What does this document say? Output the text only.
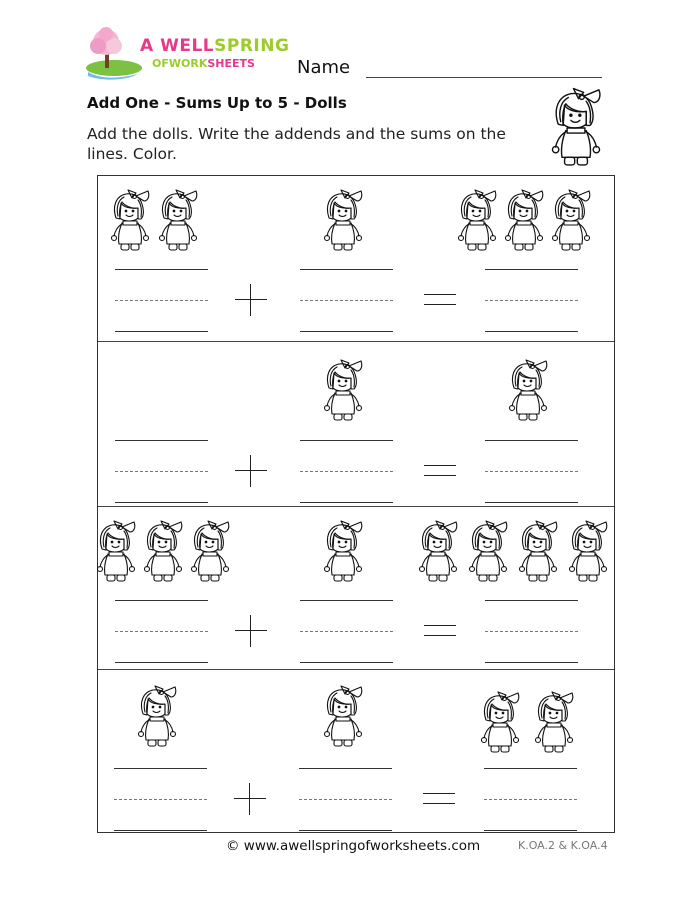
A WELLSPRING
OFWORKSHEETS Name
Add One - Sums Up to 5 - Dolls
Add the dolls. Write the addends and the sums on the lines. Color.
© www.awellspringofworksheets.com	K.OA.2 & K.OA.4
